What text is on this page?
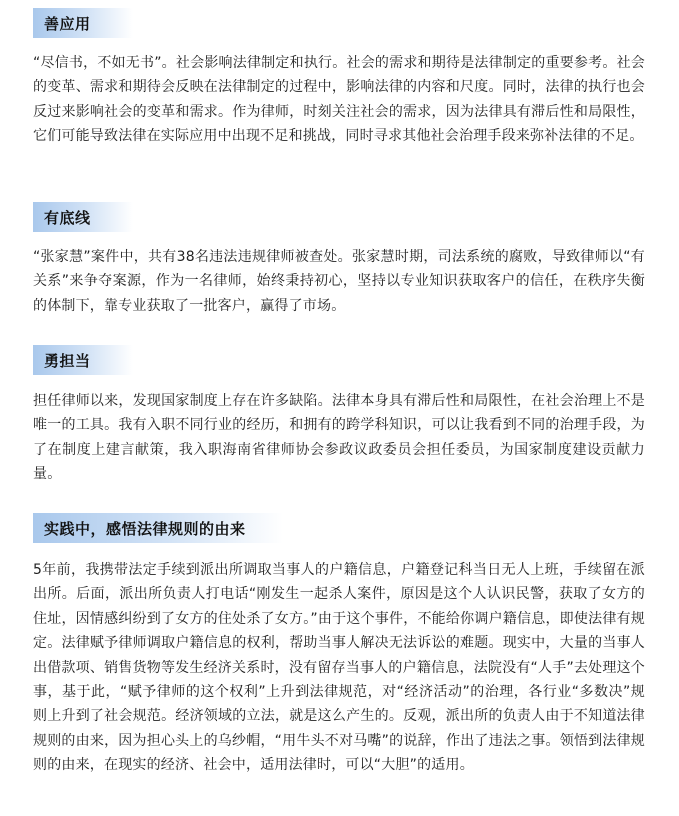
善应用

“尽信书，不如无书”。社会影响法律制定和执行。社会的需求和期待是法律制定的重要参考。社会的变革、需求和期待会反映在法律制定的过程中，影响法律的内容和尺度。同时，法律的执行也会反过来影响社会的变革和需求。作为律师，时刻关注社会的需求，因为法律具有滞后性和局限性，它们可能导致法律在实际应用中出现不足和挑战，同时寻求其他社会治理手段来弥补法律的不足。

有底线

“张家慧”案件中，共有38名违法违规律师被查处。张家慧时期，司法系统的腐败，导致律师以“有关系”来争夺案源，作为一名律师，始终秉持初心，坚持以专业知识获取客户的信任，在秩序失衡的体制下，靠专业获取了一批客户，赢得了市场。

勇担当

担任律师以来，发现国家制度上存在许多缺陷。法律本身具有滞后性和局限性，在社会治理上不是唯一的工具。我有入职不同行业的经历，和拥有的跨学科知识，可以让我看到不同的治理手段，为了在制度上建言献策，我入职海南省律师协会参政议政委员会担任委员，为国家制度建设贡献力量。

实践中，感悟法律规则的由来

5年前，我携带法定手续到派出所调取当事人的户籍信息，户籍登记科当日无人上班，手续留在派出所。后面，派出所负责人打电话“刚发生一起杀人案件，原因是这个人认识民警，获取了女方的住址，因情感纠纷到了女方的住处杀了女方。”由于这个事件，不能给你调户籍信息，即使法律有规定。法律赋予律师调取户籍信息的权利，帮助当事人解决无法诉讼的难题。现实中，大量的当事人出借款项、销售货物等发生经济关系时，没有留存当事人的户籍信息，法院没有“人手”去处理这个事，基于此，“赋予律师的这个权利”上升到法律规范，对“经济活动”的治理，各行业“多数决”规则上升到了社会规范。经济领域的立法，就是这么产生的。反观，派出所的负责人由于不知道法律规则的由来，因为担心头上的乌纱帽，“用牛头不对马嘴”的说辞，作出了违法之事。领悟到法律规则的由来，在现实的经济、社会中，适用法律时，可以“大胆”的适用。
